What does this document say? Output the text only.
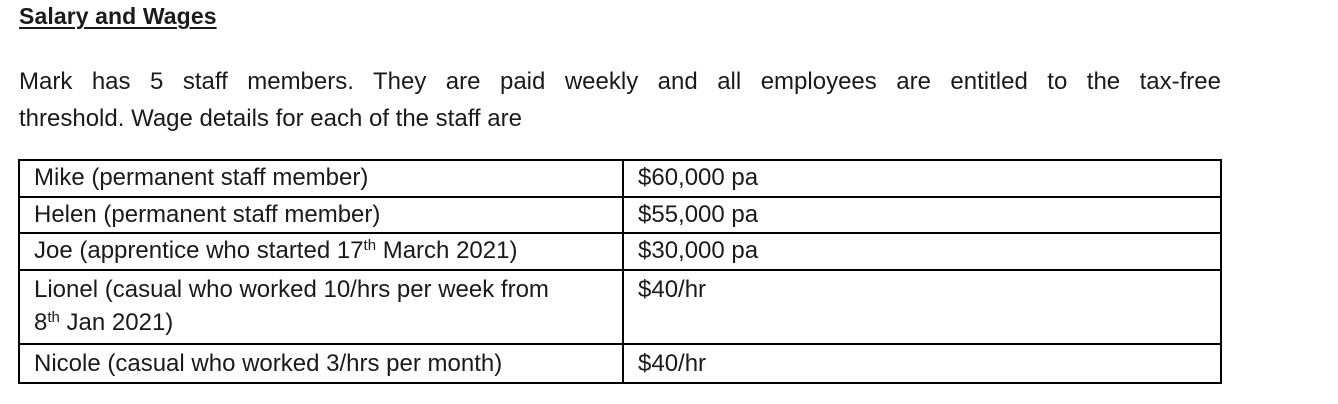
Salary and Wages
Mark has 5 staff members. They are paid weekly and all employees are entitled to the tax-free
threshold. Wage details for each of the staff are
Mike (permanent staff member)	$60,000 pa
Helen (permanent staff member)	$55,000 pa
Joe (apprentice who started 17th March 2021)	$30,000 pa
Lionel (casual who worked 10/hrs per week from
8th Jan 2021)	$40/hr
Nicole (casual who worked 3/hrs per month)	$40/hr
